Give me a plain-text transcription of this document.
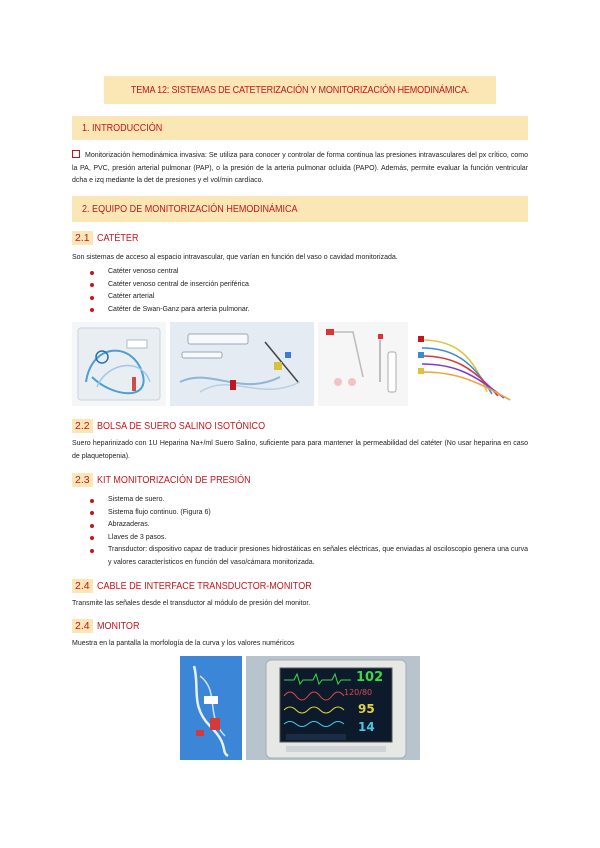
TEMA 12: SISTEMAS DE CATETERIZACIÓN Y MONITORIZACIÓN HEMODINÁMICA.
1. INTRODUCCIÓN
Monitorización hemodinámica invasiva: Se utiliza para conocer y controlar de forma continua las presiones intravasculares del px crítico, como la PA, PVC, presión arterial pulmonar (PAP), o la presión de la arteria pulmonar ocluida (PAPO). Además, permite evaluar la función ventricular dcha e izq mediante la det de presiones y el vol/min cardíaco.
2. EQUIPO DE MONITORIZACIÓN HEMODINÁMICA
2.1 CATÉTER
Son sistemas de acceso al espacio intravascular, que varían en función del vaso o cavidad monitorizada.
Catéter venoso central
Catéter venoso central de inserción periférica
Catéter arterial
Catéter de Swan-Ganz para arteria pulmonar.
2.2 BOLSA DE SUERO SALINO ISOTÓNICO
Suero heparinizado con 1U Heparina Na+/ml Suero Salino, suficiente para para mantener la permeabilidad del catéter (No usar heparina en caso de plaquetopenia).
2.3 KIT MONITORIZACIÓN DE PRESIÓN
Sistema de suero.
Sistema flujo continuo. (Figura 6)
Abrazaderas.
Llaves de 3 pasos.
Transductor: dispositivo capaz de traducir presiones hidrostáticas en señales eléctricas, que enviadas al osciloscopio genera una curva y valores característicos en función del vaso/cámara monitorizada.
2.4 CABLE DE INTERFACE TRANSDUCTOR-MONITOR
Transmite las señales desde el transductor al módulo de presión del monitor.
2.4 MONITOR
Muestra en la pantalla la morfología de la curva y los valores numéricos
102
120/80
95
14
